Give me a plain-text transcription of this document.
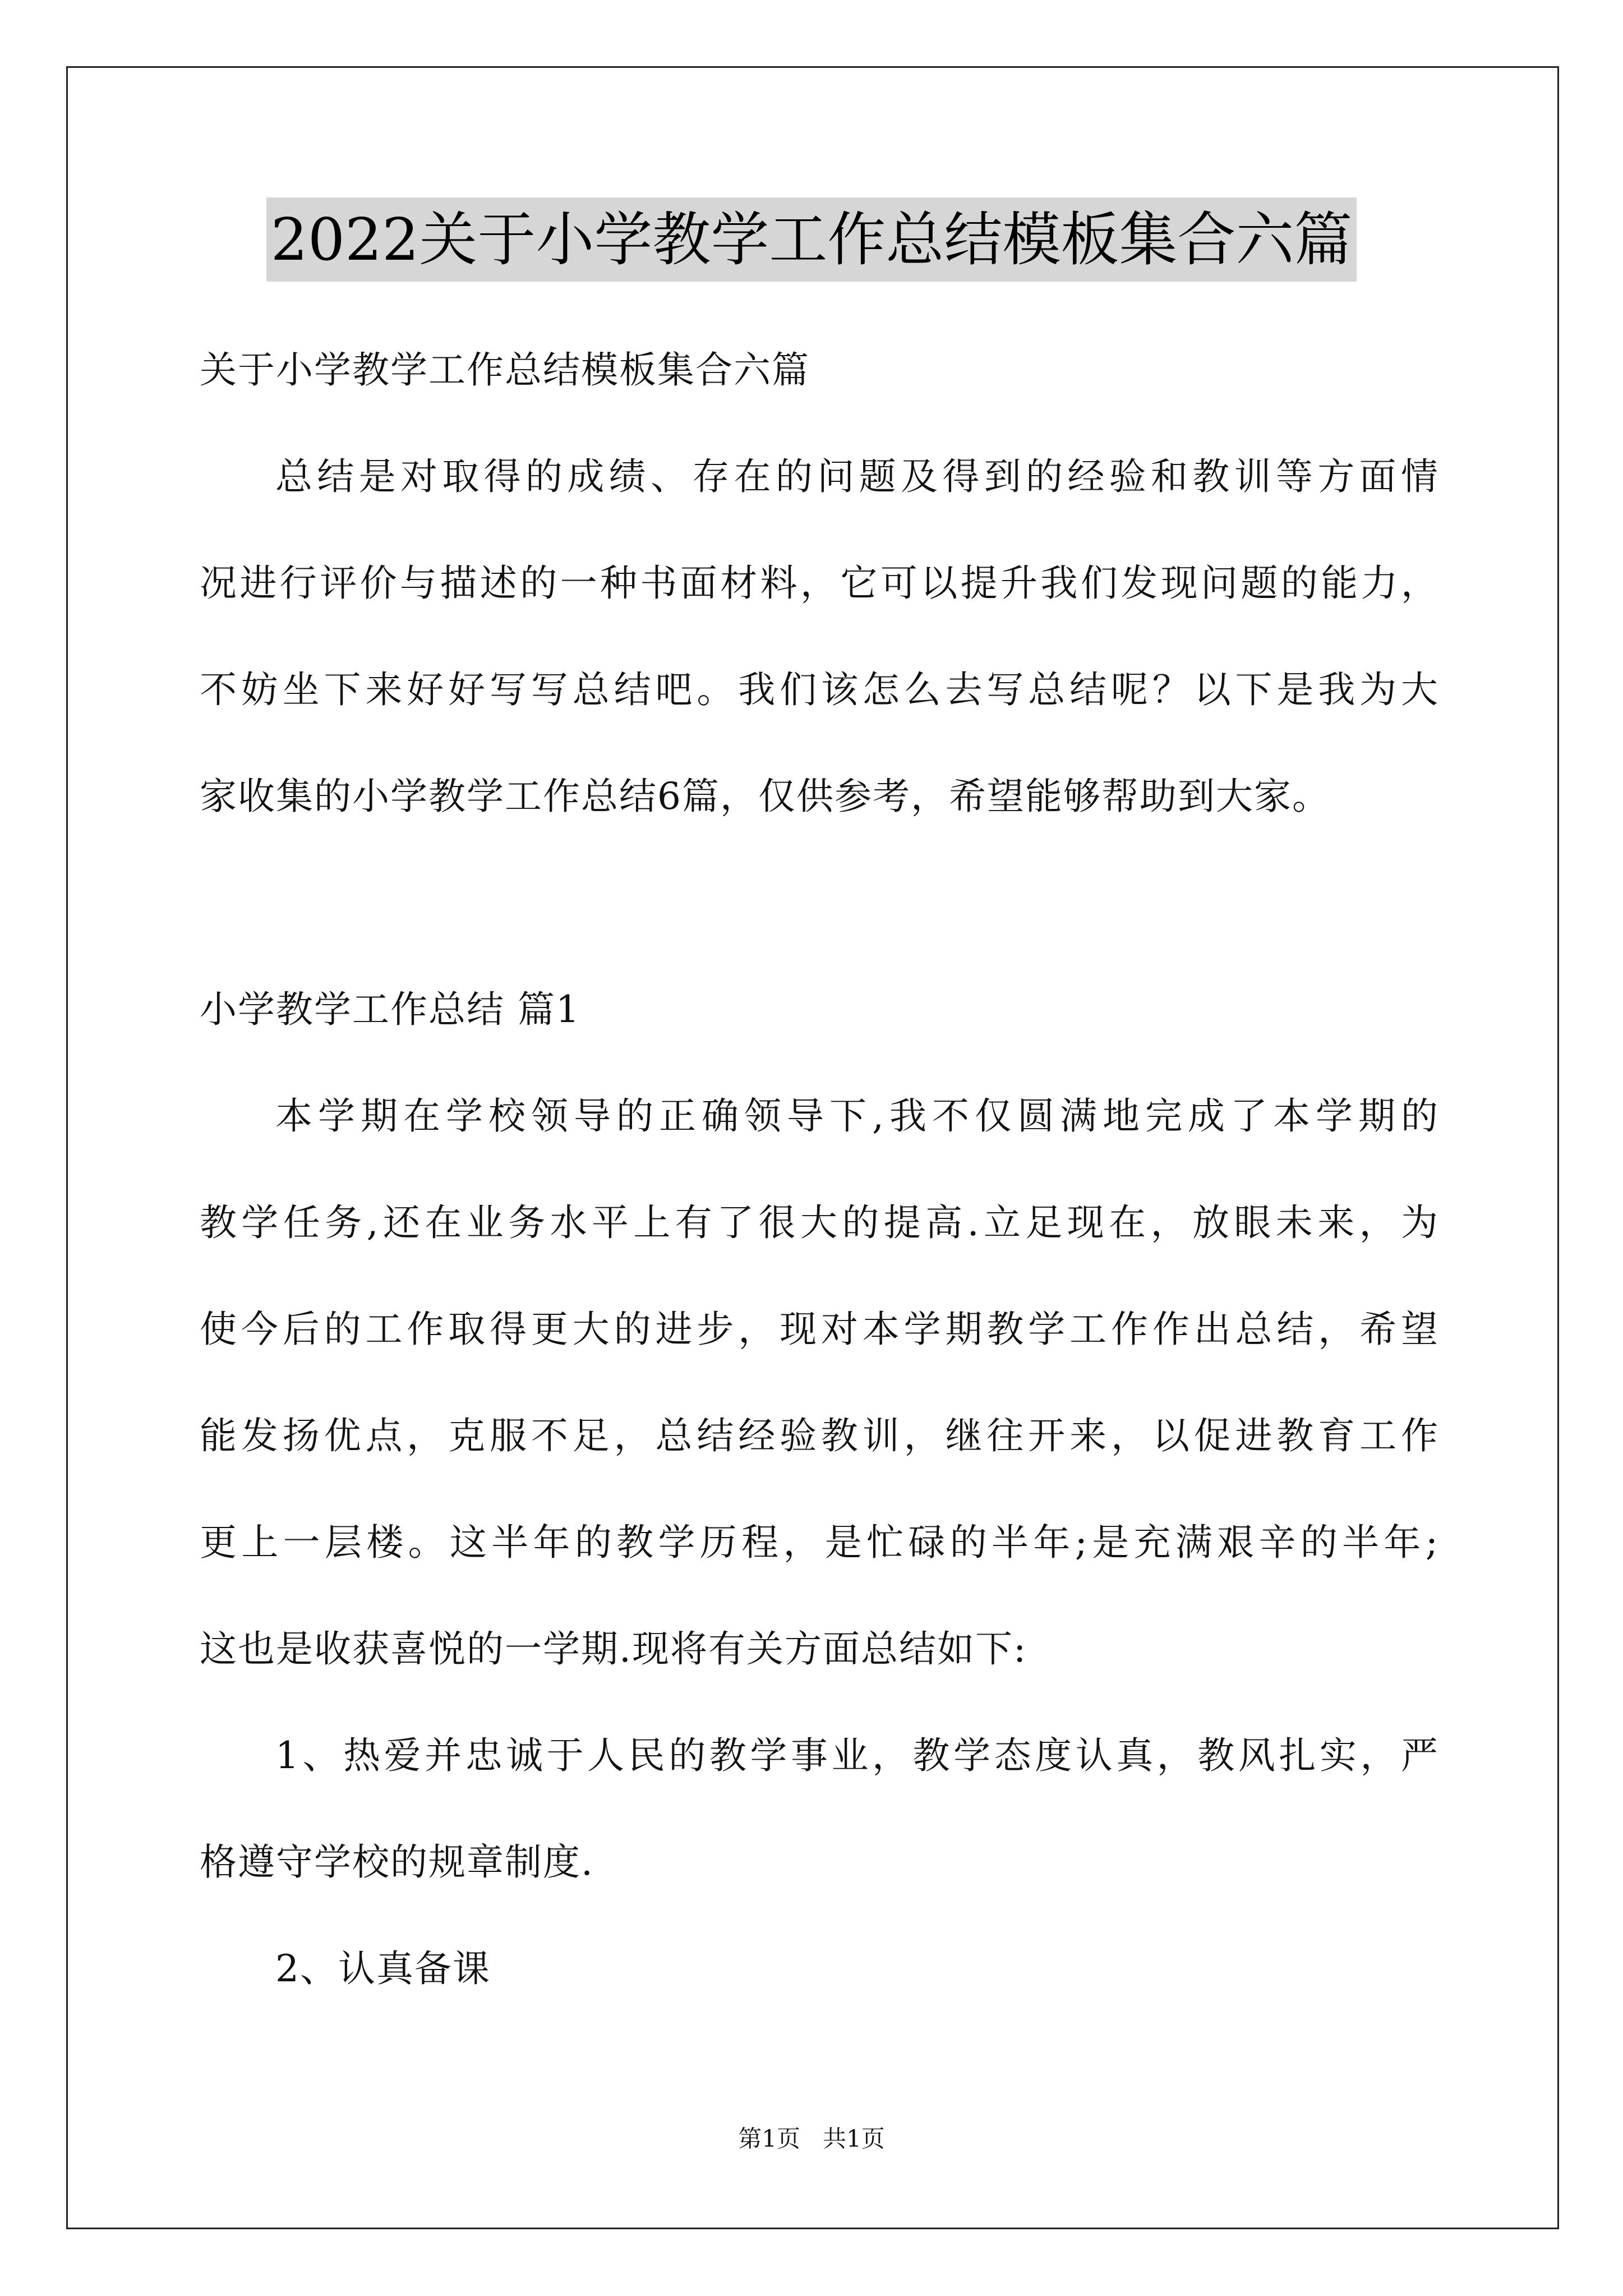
2022关于小学教学工作总结模板集合六篇
关于小学教学工作总结模板集合六篇
总结是对取得的成绩、存在的问题及得到的经验和教训等方面情
况进行评价与描述的一种书面材料，它可以提升我们发现问题的能力，
不妨坐下来好好写写总结吧。我们该怎么去写总结呢？以下是我为大
家收集的小学教学工作总结6篇，仅供参考，希望能够帮助到大家。
小学教学工作总结 篇1
本学期在学校领导的正确领导下,我不仅圆满地完成了本学期的
教学任务,还在业务水平上有了很大的提高.立足现在，放眼未来，为
使今后的工作取得更大的进步，现对本学期教学工作作出总结，希望
能发扬优点，克服不足，总结经验教训，继往开来，以促进教育工作
更上一层楼。这半年的教学历程，是忙碌的半年;是充满艰辛的半年;
这也是收获喜悦的一学期.现将有关方面总结如下:
1、热爱并忠诚于人民的教学事业，教学态度认真，教风扎实，严
格遵守学校的规章制度.
2、认真备课
第1页 共1页
